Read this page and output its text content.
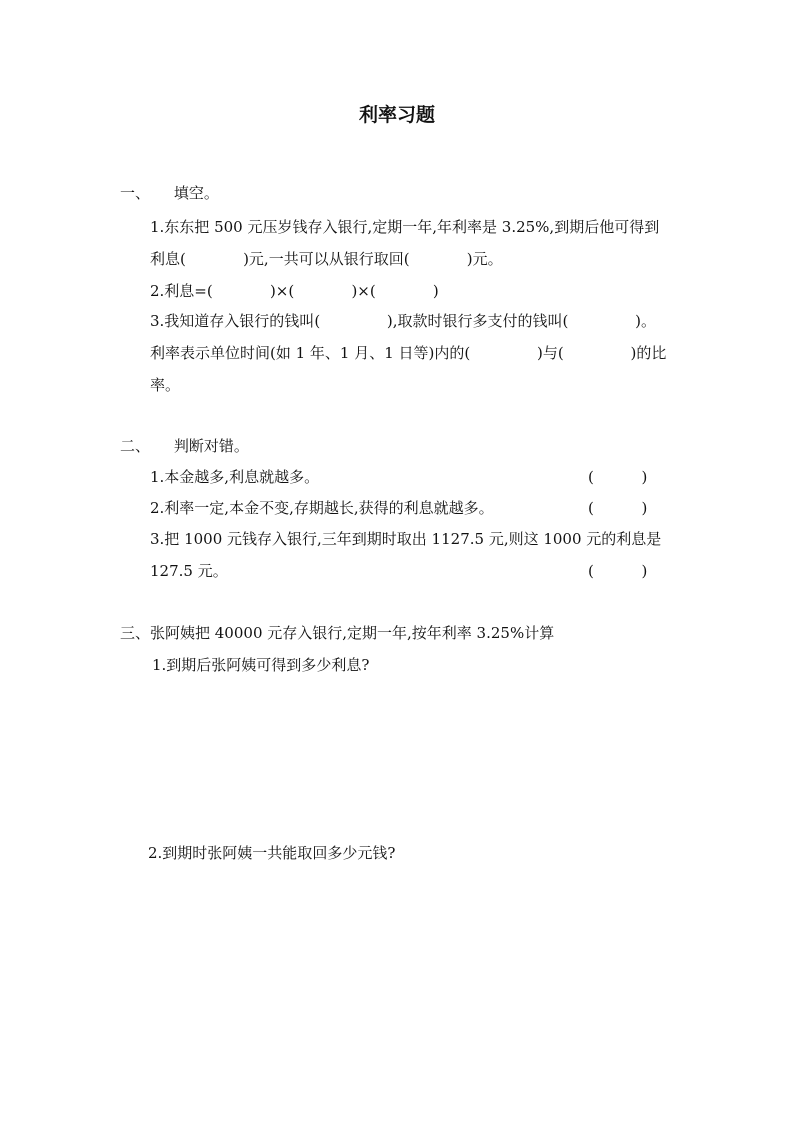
利率习题
一、     填空。
1.东东把 500 元压岁钱存入银行,定期一年,年利率是 3.25%,到期后他可得到
利息(            )元,一共可以从银行取回(            )元。
2.利息=(            )×(            )×(            )
3.我知道存入银行的钱叫(              ),取款时银行多支付的钱叫(              )。
利率表示单位时间(如 1 年、1 月、1 日等)内的(              )与(              )的比
率。
二、     判断对错。
1.本金越多,利息就越多。	(          )
2.利率一定,本金不变,存期越长,获得的利息就越多。	(          )
3.把 1000 元钱存入银行,三年到期时取出 1127.5 元,则这 1000 元的利息是
127.5 元。	(          )
三、张阿姨把 40000 元存入银行,定期一年,按年利率 3.25%计算
1.到期后张阿姨可得到多少利息?
2.到期时张阿姨一共能取回多少元钱?
